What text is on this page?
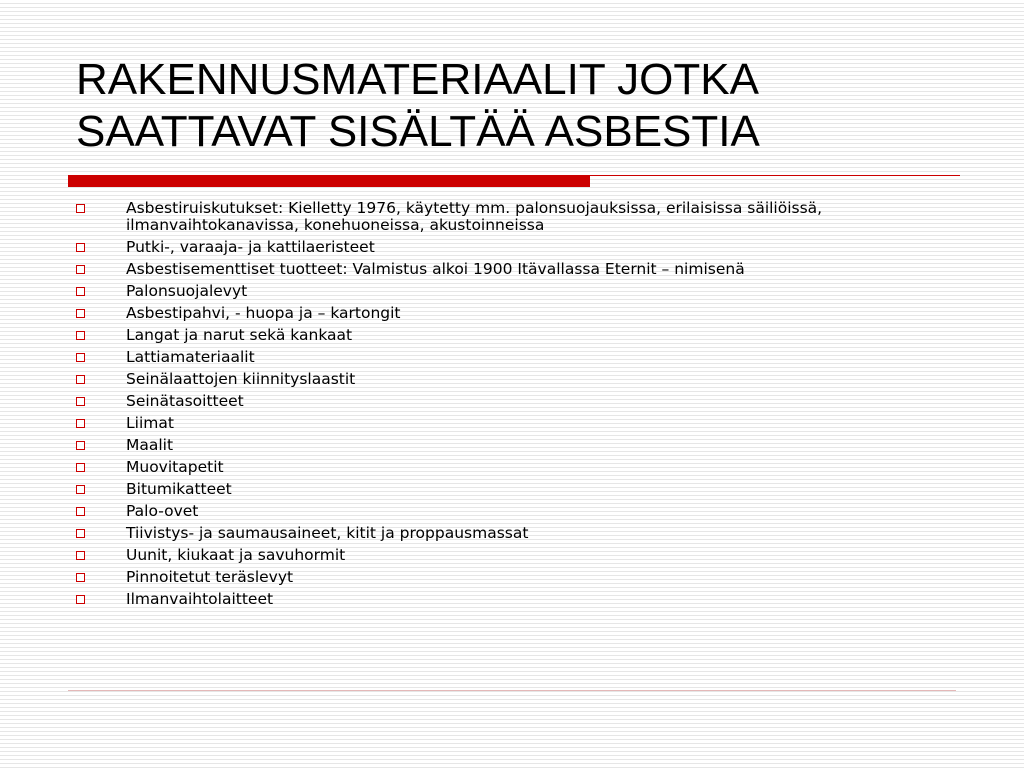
RAKENNUSMATERIAALIT JOTKA SAATTAVAT SISÄLTÄÄ ASBESTIA
Asbestiruiskutukset: Kielletty 1976, käytetty mm. palonsuojauksissa, erilaisissa säiliöissä, ilmanvaihtokanavissa, konehuoneissa, akustoinneissa
Putki-, varaaja- ja kattilaeristeet
Asbestisementtiset tuotteet: Valmistus alkoi 1900 Itävallassa Eternit – nimisenä
Palonsuojalevyt
Asbestipahvi, - huopa ja – kartongit
Langat ja narut sekä kankaat
Lattiamateriaalit
Seinälaattojen kiinnityslaastit
Seinätasoitteet
Liimat
Maalit
Muovitapetit
Bitumikatteet
Palo-ovet
Tiivistys- ja saumausaineet, kitit ja proppausmassat
Uunit, kiukaat ja savuhormit
Pinnoitetut teräslevyt
Ilmanvaihtolaitteet
